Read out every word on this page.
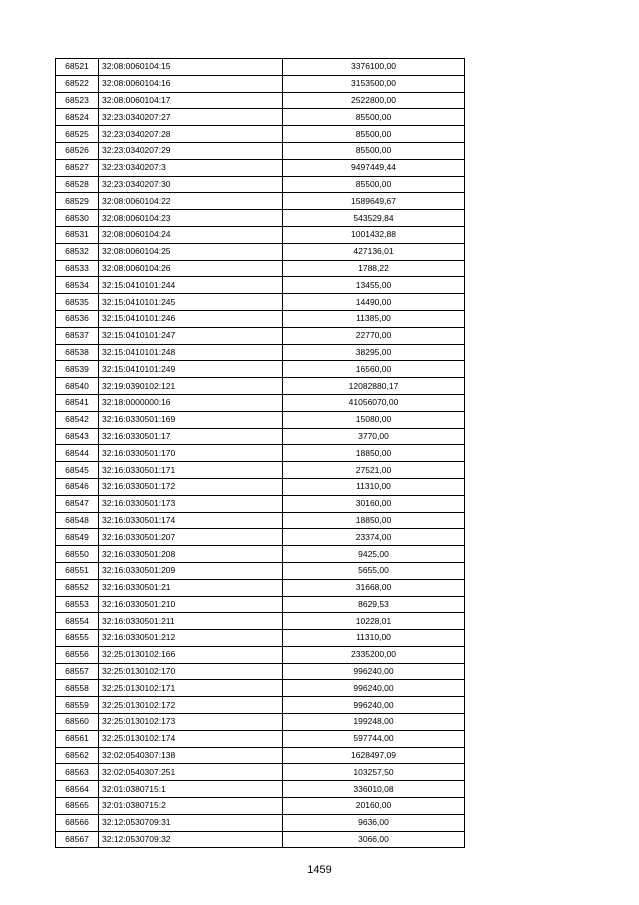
68521	32:08:0060104:15	3376100,00
68522	32:08:0060104:16	3153500,00
68523	32:08:0060104:17	2522800,00
68524	32:23:0340207:27	85500,00
68525	32:23:0340207:28	85500,00
68526	32:23:0340207:29	85500,00
68527	32:23:0340207:3	9497449,44
68528	32:23:0340207:30	85500,00
68529	32:08:0060104:22	1589649,67
68530	32:08:0060104:23	543529,84
68531	32:08:0060104:24	1001432,88
68532	32:08:0060104:25	427136,01
68533	32:08:0060104:26	1788,22
68534	32:15:0410101:244	13455,00
68535	32:15:0410101:245	14490,00
68536	32:15:0410101:246	11385,00
68537	32:15:0410101:247	22770,00
68538	32:15:0410101:248	38295,00
68539	32:15:0410101:249	16560,00
68540	32:19:0390102:121	12082880,17
68541	32:18:0000000:16	41056070,00
68542	32:16:0330501:169	15080,00
68543	32:16:0330501:17	3770,00
68544	32:16:0330501:170	18850,00
68545	32:16:0330501:171	27521,00
68546	32:16:0330501:172	11310,00
68547	32:16:0330501:173	30160,00
68548	32:16:0330501:174	18850,00
68549	32:16:0330501:207	23374,00
68550	32:16:0330501:208	9425,00
68551	32:16:0330501:209	5655,00
68552	32:16:0330501:21	31668,00
68553	32:16:0330501:210	8629,53
68554	32:16:0330501:211	10228,01
68555	32:16:0330501:212	11310,00
68556	32:25:0130102:166	2335200,00
68557	32:25:0130102:170	996240,00
68558	32:25:0130102:171	996240,00
68559	32:25:0130102:172	996240,00
68560	32:25:0130102:173	199248,00
68561	32:25:0130102:174	597744,00
68562	32:02:0540307:138	1628497,09
68563	32:02:0540307:251	103257,50
68564	32:01:0380715:1	336010,08
68565	32:01:0380715:2	20160,00
68566	32:12:0530709:31	9636,00
68567	32:12:0530709:32	3066,00
1459
